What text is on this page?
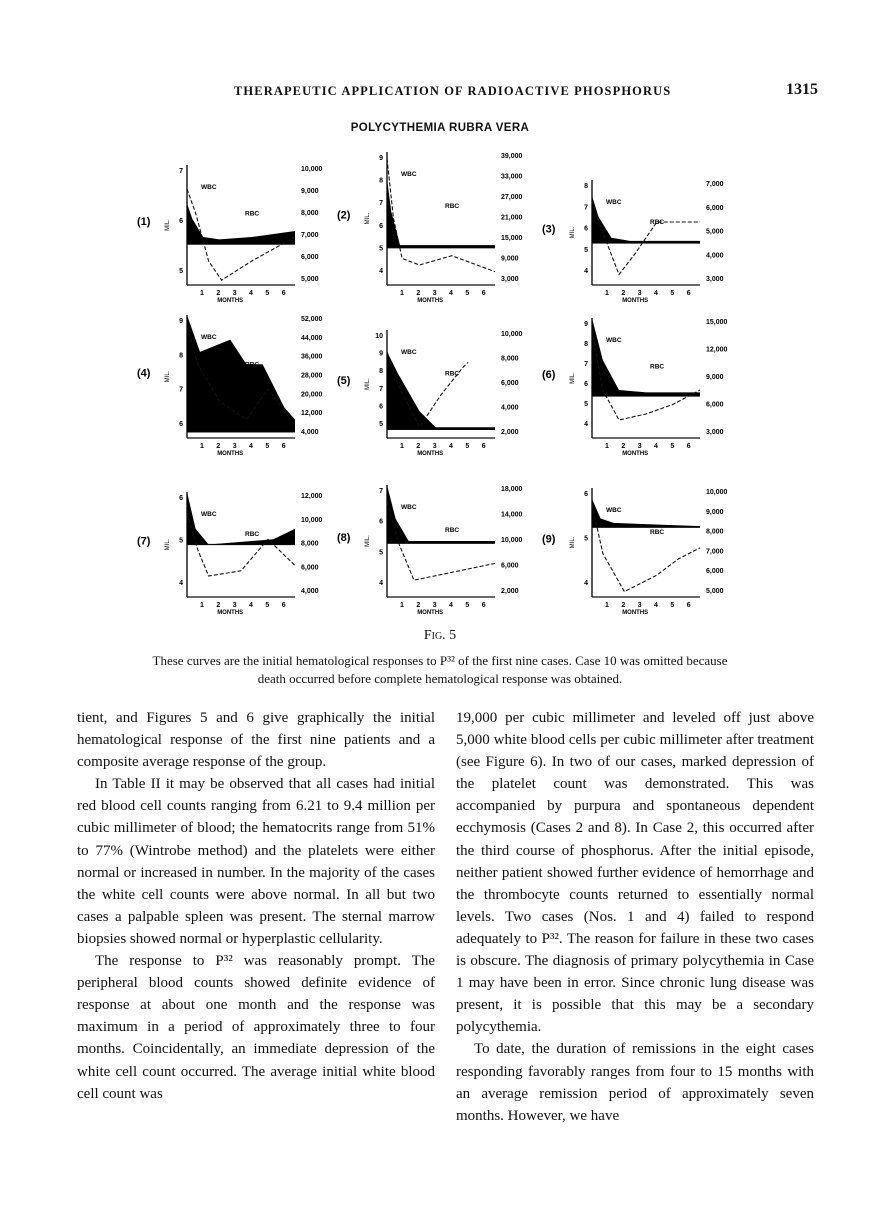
THERAPEUTIC APPLICATION OF RADIOACTIVE PHOSPHORUS	1315
POLYCYTHEMIA RUBRA VERA
(1) MIL.
7
6
5
10,000
9,000
8,000
7,000
6,000
5,000
1 2 3 4 5 6
MONTHS
WBC
RBC	(2) MIL.
9
8
7
6
5
4
39,000
33,000
27,000
21,000
15,000
9,000
3,000
1 2 3 4 5 6
MONTHS
WBC
RBC
(3) MIL.
8
7
6
5
4
7,000
6,000
5,000
4,000
3,000
1 2 3 4 5 6
MONTHS
WBC
RBC
(4) MIL.
9
8
7
6
52,000
44,000
36,000
28,000
20,000
12,000
4,000
1 2 3 4 5 6
MONTHS
WBC
RBC
(5) MIL.
10
9
8
7
6
5
10,000
8,000
6,000
4,000
2,000
1 2 3 4 5 6
MONTHS
WBC
RBC	(6) MIL.
9
8
7
6
5
4
15,000
12,000
9,000
6,000
3,000
1 2 3 4 5 6
MONTHS
WBC
RBC
(7) MIL.
6
5
4
12,000
10,000
8,000
6,000
4,000
1 2 3 4 5 6
MONTHS
WBC
RBC	(8) MIL.
7
6
5
4
18,000
14,000
10,000
6,000
2,000
1 2 3 4 5 6
MONTHS
WBC
RBC
(9) MIL.
6
5
4
10,000
9,000
8,000
7,000
6,000
5,000
1 2 3 4 5 6
MONTHS
WBC
RBC
Fig. 5
These curves are the initial hematological responses to P³² of the first nine cases. Case 10 was omitted because death occurred before complete hematological response was obtained.

tient, and Figures 5 and 6 give graphically the initial hematological response of the first nine patients and a composite average response of the group.

In Table II it may be observed that all cases had initial red blood cell counts ranging from 6.21 to 9.4 million per cubic millimeter of blood; the hematocrits range from 51% to 77% (Wintrobe method) and the platelets were either normal or increased in number. In the majority of the cases the white cell counts were above normal. In all but two cases a palpable spleen was present. The sternal marrow biopsies showed normal or hyperplastic cellularity.

The response to P³² was reasonably prompt. The peripheral blood counts showed definite evidence of response at about one month and the response was maximum in a period of approximately three to four months. Coincidentally, an immediate depression of the white cell count occurred. The average initial white blood cell count was

19,000 per cubic millimeter and leveled off just above 5,000 white blood cells per cubic millimeter after treatment (see Figure 6). In two of our cases, marked depression of the platelet count was demonstrated. This was accompanied by purpura and spontaneous dependent ecchymosis (Cases 2 and 8). In Case 2, this occurred after the third course of phosphorus. After the initial episode, neither patient showed further evidence of hemorrhage and the thrombocyte counts returned to essentially normal levels. Two cases (Nos. 1 and 4) failed to respond adequately to P³². The reason for failure in these two cases is obscure. The diagnosis of primary polycythemia in Case 1 may have been in error. Since chronic lung disease was present, it is possible that this may be a secondary polycythemia.

To date, the duration of remissions in the eight cases responding favorably ranges from four to 15 months with an average remission period of approximately seven months. However, we have
